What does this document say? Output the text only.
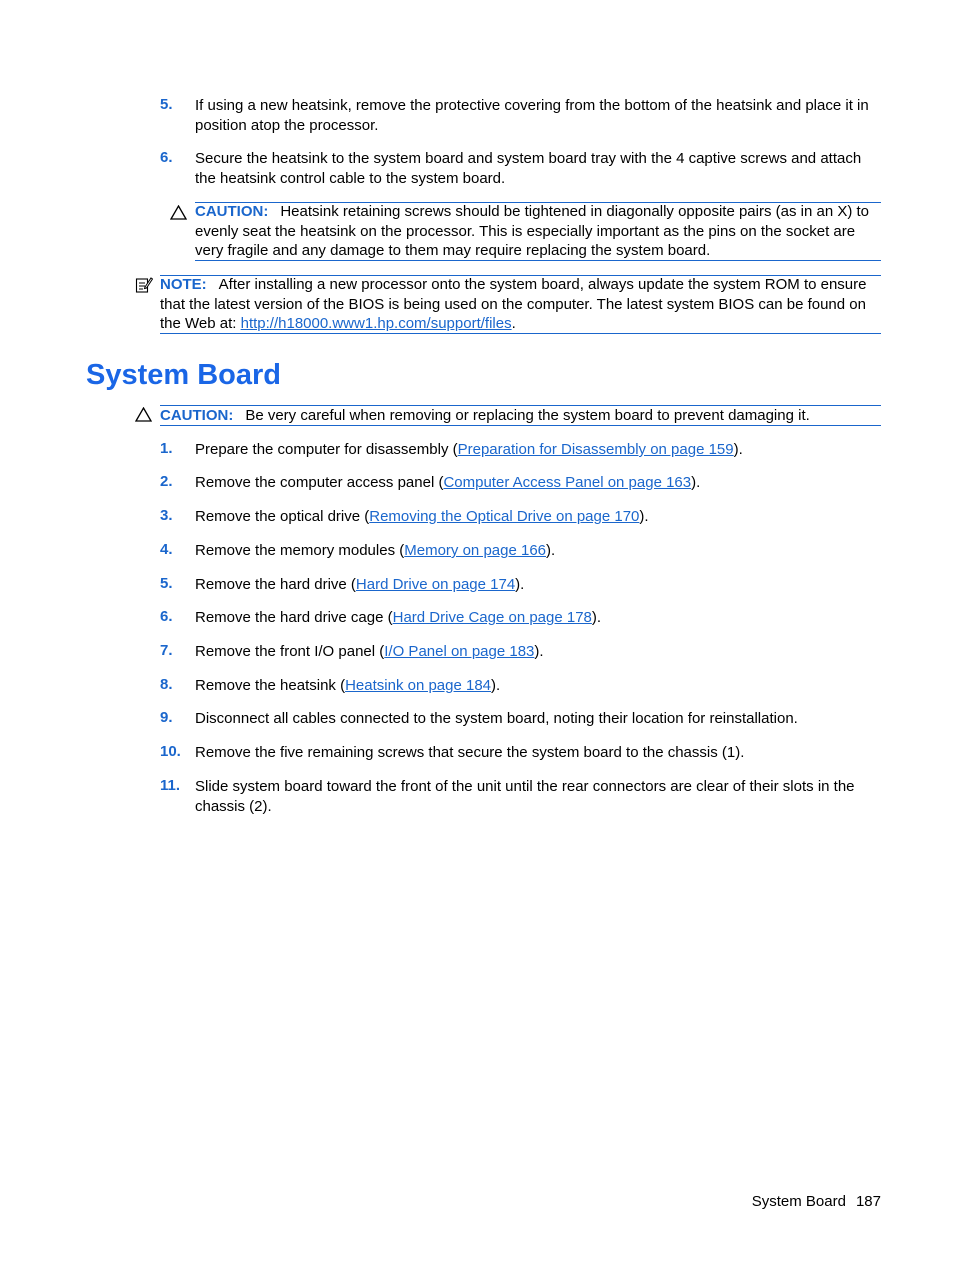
5. If using a new heatsink, remove the protective covering from the bottom of the heatsink and place it in position atop the processor.
6. Secure the heatsink to the system board and system board tray with the 4 captive screws and attach the heatsink control cable to the system board.
CAUTION: Heatsink retaining screws should be tightened in diagonally opposite pairs (as in an X) to evenly seat the heatsink on the processor. This is especially important as the pins on the socket are very fragile and any damage to them may require replacing the system board.
NOTE: After installing a new processor onto the system board, always update the system ROM to ensure that the latest version of the BIOS is being used on the computer. The latest system BIOS can be found on the Web at: http://h18000.www1.hp.com/support/files.
System Board
CAUTION: Be very careful when removing or replacing the system board to prevent damaging it.
1. Prepare the computer for disassembly (Preparation for Disassembly on page 159).
2. Remove the computer access panel (Computer Access Panel on page 163).
3. Remove the optical drive (Removing the Optical Drive on page 170).
4. Remove the memory modules (Memory on page 166).
5. Remove the hard drive (Hard Drive on page 174).
6. Remove the hard drive cage (Hard Drive Cage on page 178).
7. Remove the front I/O panel (I/O Panel on page 183).
8. Remove the heatsink (Heatsink on page 184).
9. Disconnect all cables connected to the system board, noting their location for reinstallation.
10. Remove the five remaining screws that secure the system board to the chassis (1).
11. Slide system board toward the front of the unit until the rear connectors are clear of their slots in the chassis (2).
System Board 187
